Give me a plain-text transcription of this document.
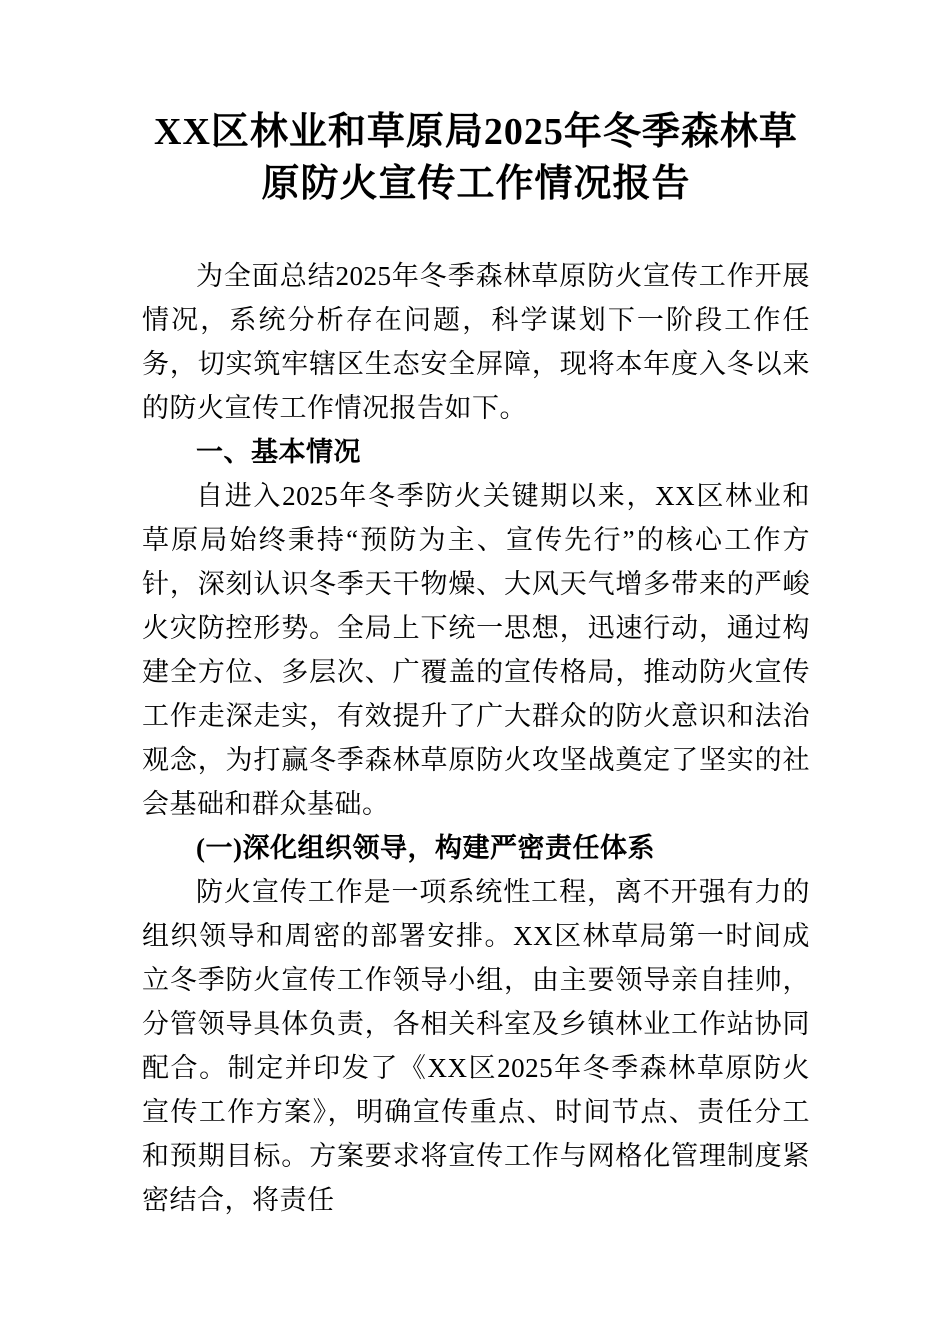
XX区林业和草原局2025年冬季森林草原防火宣传工作情况报告

为全面总结2025年冬季森林草原防火宣传工作开展情况，系统分析存在问题，科学谋划下一阶段工作任务，切实筑牢辖区生态安全屏障，现将本年度入冬以来的防火宣传工作情况报告如下。

一、基本情况

自进入2025年冬季防火关键期以来，XX区林业和草原局始终秉持“预防为主、宣传先行”的核心工作方针，深刻认识冬季天干物燥、大风天气增多带来的严峻火灾防控形势。全局上下统一思想，迅速行动，通过构建全方位、多层次、广覆盖的宣传格局，推动防火宣传工作走深走实，有效提升了广大群众的防火意识和法治观念，为打赢冬季森林草原防火攻坚战奠定了坚实的社会基础和群众基础。

(一)深化组织领导，构建严密责任体系

防火宣传工作是一项系统性工程，离不开强有力的组织领导和周密的部署安排。XX区林草局第一时间成立冬季防火宣传工作领导小组，由主要领导亲自挂帅，分管领导具体负责，各相关科室及乡镇林业工作站协同配合。制定并印发了《XX区2025年冬季森林草原防火宣传工作方案》，明确宣传重点、时间节点、责任分工和预期目标。方案要求将宣传工作与网格化管理制度紧密结合，将责任
